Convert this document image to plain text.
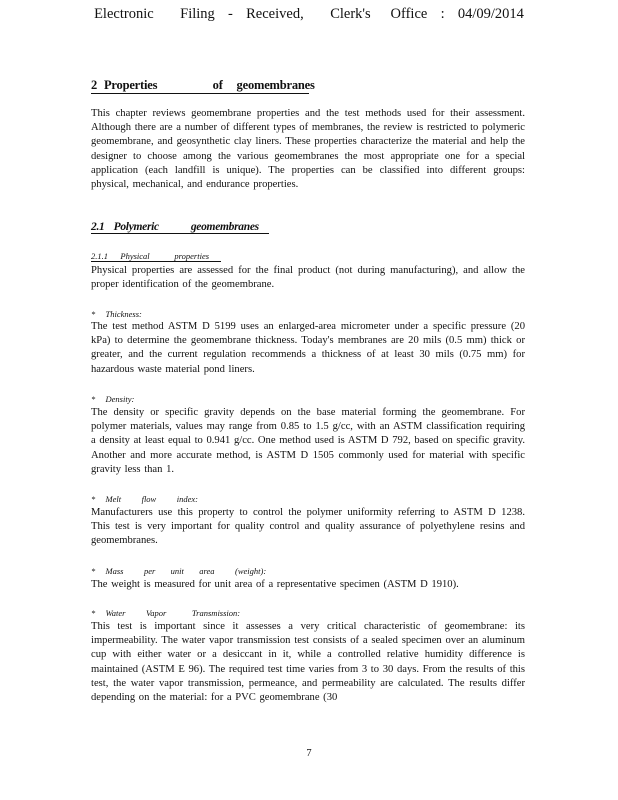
Electronic    Filing  -  Received,    Clerk's   Office  :  04/09/2014
2 Properties        of  geomembranes
This chapter reviews geomembrane properties and the test methods used for their assessment. Although there are a number of different types of membranes, the review is restricted to polymeric geomembrane, and geosynthetic clay liners. These properties characterize the material and help the designer to choose among the various geomembranes the most appropriate one for a special application (each landfill is unique). The properties can be classified into different groups: physical, mechanical, and endurance properties.
2.1  Polymeric       geomembranes
2.1.1   Physical      properties
Physical properties are assessed for the final product (not during manufacturing), and allow the proper identification of the geomembrane.
*  Thickness:
The test method ASTM D 5199 uses an enlarged-area micrometer under a specific pressure (20 kPa) to determine the geomembrane thickness. Today's membranes are 20 mils (0.5 mm) thick or greater, and the current regulation recommends a thickness of at least 30 mils (0.75 mm) for hazardous waste material pond liners.
*  Density:
The density or specific gravity depends on the base material forming the geomembrane. For polymer materials, values may range from 0.85 to 1.5 g/cc, with an ASTM classification requiring a density at least equal to 0.941 g/cc. One method used is ASTM D 792, based on specific gravity. Another and more accurate method, is ASTM D 1505 commonly used for material with specific gravity less than 1.
*  Melt    flow    index:
Manufacturers use this property to control the polymer uniformity referring to ASTM D 1238. This test is very important for quality control and quality assurance of polyethylene resins and geomembranes.
*  Mass    per   unit   area    (weight):
The weight is measured for unit area of a representative specimen (ASTM D 1910).
*  Water    Vapor     Transmission:
This test is important since it assesses a very critical characteristic of geomembrane: its impermeability. The water vapor transmission test consists of a sealed specimen over an aluminum cup with either water or a desiccant in it, while a controlled relative humidity difference is maintained (ASTM E 96). The required test time varies from 3 to 30 days. From the results of this test, the water vapor transmission, permeance, and permeability are calculated. The results differ depending on the material: for a PVC geomembrane (30
7
